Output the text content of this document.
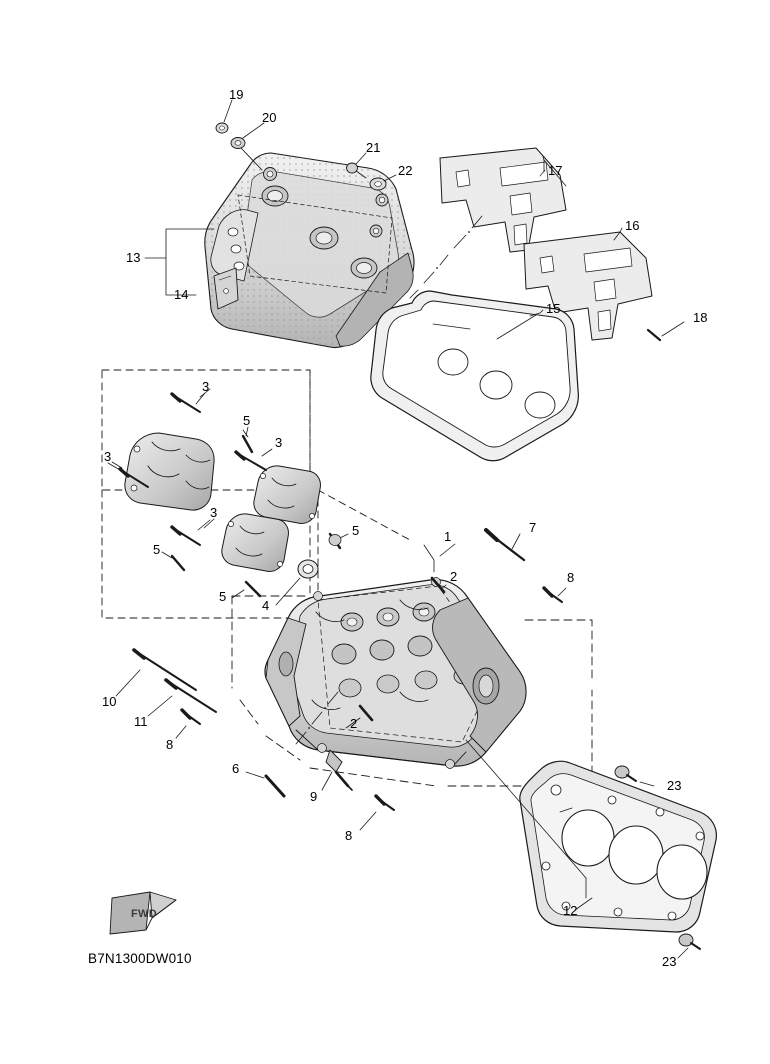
19
20
21
22	17
16
13
14
15
18
3
5
3
3
3
1
5	7
5
2	8
5
4
10
11	2
8
6
9
23
8
12
23
FWD
B7N1300DW010
